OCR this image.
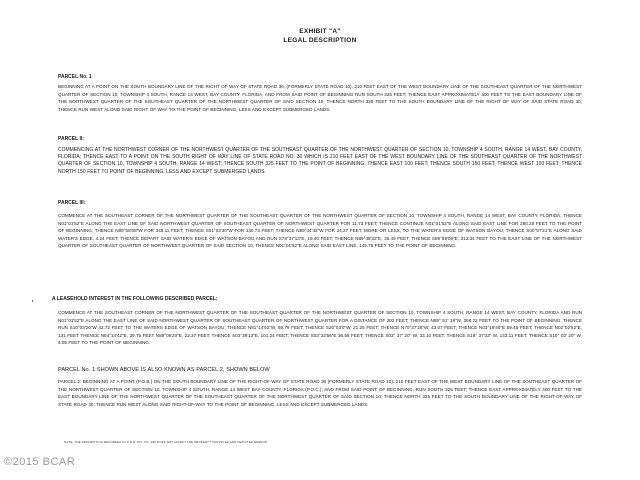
EXHIBIT "A"
LEGAL DESCRIPTION
PARCEL No. 1
BEGINNING AT A POINT ON THE SOUTH BOUNDARY LINE OF THE RIGHT OF WAY OF STATE ROAD 30, (FORMERLY STATE ROAD 10), 210 FEET EAST OF THE WEST BOUNDARY LINE OF THE SOUTHEAST QUARTER OF THE NORTHWEST QUARTER OF SECTION 10, TOWNSHIP 4 SOUTH, RANGE 14 WEST, BAY COUNTY, FLORIDA, AND FROM SAID POINT OF BEGINNING RUN SOUTH 325 FEET; THENCE EAST APPROXIMATELY 400 FEET TO THE EAST BOUNDARY LINE OF THE NORTHWEST QUARTER OF THE SOUTHEAST QUARTER OF THE NORTHWEST QUARTER OF SAID SECTION 10; THENCE NORTH 325 FEET TO THE SOUTH BOUNDARY LINE OF THE RIGHT OF WAY OF SAID STATE ROAD 30; THENCE RUN WEST ALONG SAID RIGHT OF WAY TO THE POINT OF BEGINNING, LESS AND EXCEPT SUBMERGED LANDS.
PARCEL II:
COMMENCING AT THE NORTHWEST CORNER OF THE NORTHWEST QUARTER OF THE SOUTHEAST QUARTER OF THE NORTHWEST QUARTER OF SECTION 10, TOWNSHIP 4 SOUTH, RANGE 14 WEST, BAY COUNTY, FLORIDA; THENCE EAST TO A POINT ON THE SOUTH RIGHT OF WAY LINE OF STATE ROAD NO. 30 WHICH IS 210 FEET EAST OF THE WEST BOUNDARY LINE OF THE SOUTHEAST QUARTER OF THE NORTHWEST QUARTER OF SECTION 10, TOWNSHIP 4 SOUTH, RANGE 14 WEST; THENCE SOUTH 325 FEET TO THE POINT OF BEGINNING; THENCE EAST 100 FEET; THENCE SOUTH 150 FEET; THENCE WEST 100 FEET; THENCE NORTH 150 FEET TO POINT OF BEGINNING, LESS AND EXCEPT SUBMERGED LANDS.
PARCEL III:
COMMENCE AT THE SOUTHEAST CORNER OF THE NORTHWEST QUARTER OF THE SOUTHEAST QUARTER OF THE NORTHWEST QUARTER OF SECTION 10, TOWNSHIP 4 SOUTH, RANGE 14 WEST, BAY COUNTY, FLORIDA; THENCE N01°01'52"E ALONG THE EAST LINE OF SAID NORTHWEST QUARTER OF SOUTHEAST QUARTER OF NORTHWEST QUARTER FOR 11.73 FEET; THENCE CONTINUE N01°01'52"E ALONG SAID EAST LINE FOR 280.28 FEET TO THE POINT OF BEGINNING; THENCE N89°58'08"W FOR 349.11 FEET; THENCE S01°03'30"W FOR 140.73 FEET; THENCE N89°44'42"W FOR 24.27 FEET, MORE OR LESS, TO THE WATER'S EDGE OF WATSON BAYOU; THENCE S00°57'21"E ALONG SAID WATER'S EDGE, 4.24 FEET; THENCE DEPART SAID WATER'S EDGE OF WATSON BAYOU AND RUN S78°37'13"E, 19.40 FEET; THENCE N89°48'32"E, 36.49 FEET; THENCE S89°59'08"E, 313.34 FEET TO THE EAST LINE OF THE NORTHWEST QUARTER OF SOUTHEAST QUARTER OF NORTHWEST QUARTER OF SAID SECTION 10; THENCE N01°01'52"E ALONG SAID EAST LINE, 145.75 FEET TO THE POINT OF BEGINNING.
A LEASEHOLD INTEREST IN THE FOLLOWING DESCRIBED PARCEL;
COMMENCE AT THE SOUTHEAST CORNER OF THE NORTHWEST QUARTER OF THE SOUTHEAST QUARTER OF THE NORTHWEST QUARTER OF SECTION 10, TOWNSHIP 4 SOUTH, RANGE 14 WEST, BAY COUNTY, FLORIDA AND RUN N01°01'52"E ALONG THE EAST LINE OF SAID NORTHWEST QUARTER OF SOUTHEAST QUARTER OF NORTHWEST QUARTER FOR A DISTANCE OF 202 FEET; THENCE N89° 51' 18"W, 358.22 FEET TO THE POINT OF BEGINNING; THENCE RUN S10°03'20"W 42.72 FEET TO THE WATERS EDGE OF WATSON BAYOU; THENCE N81°14'52"W, 69.79 FEET; THENCE S20°03'0"W, 21.25 FEET; THENCE N70°37'28"W, 43.07 FEET; THENCE N03°19'40"E 59.45 FEET; THENCE N02°02'52"E, 131 FEET THENCE N84°14'42"E, 39.75 FEET N89°09'20"E, 22.37 FEET; THENCE S03°39'13"E, 101.24 FEET; THENCE S03°33'56"E 36.58 FEET; THENCE S03° 37' 20" W, 33.10 FEET; THENCE S19° 37'33" W, 143.11 FEET; THENCE S10° 03' 20" W, 4.05 FEET TO THE POINT OF BEGINNING.
PARCEL No. 1 SHOWN ABOVE IS ALSO KNOWN AS PARCEL 2, SHOWN BELOW
PARCEL 2: BEGINNING AT A POINT (P.O.B.) ON THE SOUTH BOUNDARY LINE OF THE RIGHT-OF-WAY OF STATE ROAD 30 (FORMERLY STATE ROAD 10), 210 FEET EAST OF THE WEST BOUNDARY LINE OF THE SOUTHEAST QUARTER OF THE NORTHWEST QUARTER OF SECTION 10, TOWNSHIP 4 SOUTH, RANGE 14 WEST BAY COUNTY, FLORIDA (P.O.C.); AND FROM SAID POINT OF BEGINNING, RUN SOUTH 325 FEET; THENCE EAST APPROXIMATELY 400 FEET TO THE EAST BOUNDARY LINE OF THE NORTHWEST QUARTER OF THE SOUTHEAST QUARTER OF THE NORTHWEST QUARTER OF SAID SECTION 10; THENCE NORTH 325 FEET TO THE SOUTH BOUNDARY LINE OF THE RIGHT-OF-WAY OF STATE ROAD 30; THENCE RUN WEST ALONG SAID RIGHT-OF-WAY TO THE POINT OF BEGINNING. LESS AND EXCEPT SUBMERGED LANDS.
NOTE: THE DESCRIPTION RECORDED IN O.R.B. 837, PG. 496 DOES NOT AFFECT THE PROPERTY SURVEYED AND DEPICTED HEREON.
©2015 BCAR
